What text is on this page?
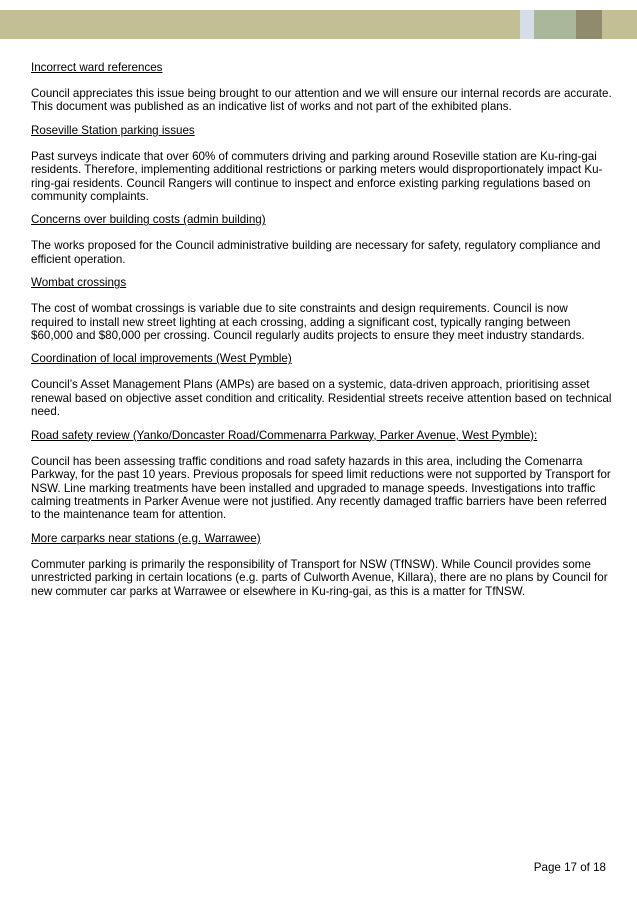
Incorrect ward references

Council appreciates this issue being brought to our attention and we will ensure our internal records are accurate. This document was published as an indicative list of works and not part of the exhibited plans.

Roseville Station parking issues

Past surveys indicate that over 60% of commuters driving and parking around Roseville station are Ku-ring-gai residents. Therefore, implementing additional restrictions or parking meters would disproportionately impact Ku-ring-gai residents. Council Rangers will continue to inspect and enforce existing parking regulations based on community complaints.

Concerns over building costs (admin building)

The works proposed for the Council administrative building are necessary for safety, regulatory compliance and efficient operation.

Wombat crossings

The cost of wombat crossings is variable due to site constraints and design requirements. Council is now required to install new street lighting at each crossing, adding a significant cost, typically ranging between $60,000 and $80,000 per crossing. Council regularly audits projects to ensure they meet industry standards.

Coordination of local improvements (West Pymble)

Council’s Asset Management Plans (AMPs) are based on a systemic, data-driven approach, prioritising asset renewal based on objective asset condition and criticality. Residential streets receive attention based on technical need.

Road safety review (Yanko/Doncaster Road/Commenarra Parkway, Parker Avenue, West Pymble):

Council has been assessing traffic conditions and road safety hazards in this area, including the Comenarra Parkway, for the past 10 years. Previous proposals for speed limit reductions were not supported by Transport for NSW. Line marking treatments have been installed and upgraded to manage speeds. Investigations into traffic calming treatments in Parker Avenue were not justified. Any recently damaged traffic barriers have been referred to the maintenance team for attention.

More carparks near stations (e.g. Warrawee)

Commuter parking is primarily the responsibility of Transport for NSW (TfNSW). While Council provides some unrestricted parking in certain locations (e.g. parts of Culworth Avenue, Killara), there are no plans by Council for new commuter car parks at Warrawee or elsewhere in Ku-ring-gai, as this is a matter for TfNSW.

Page 17 of 18
